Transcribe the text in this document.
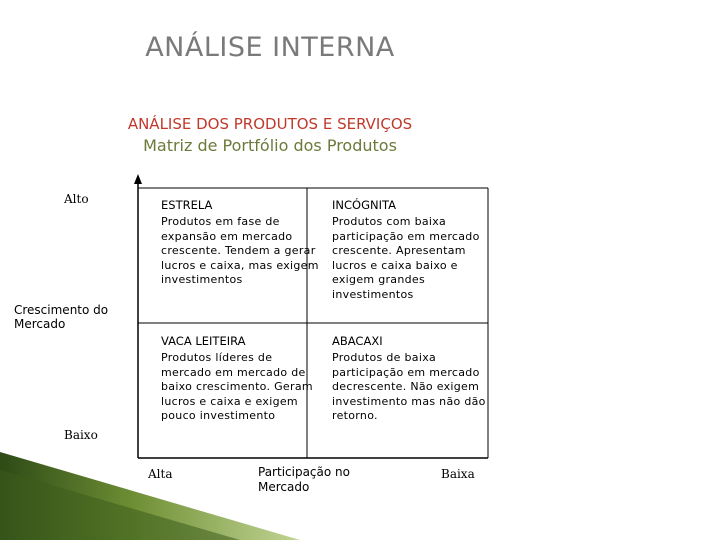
ANÁLISE INTERNA
ANÁLISE DOS PRODUTOS E SERVIÇOS
Matriz de Portfólio dos Produtos
Alto
Crescimento do Mercado
Baixo
Alta	Participação no Mercado
Baixa
ESTRELA
Produtos em fase de expansão em mercado crescente. Tendem a gerar lucros e caixa, mas exigem investimentos
INCÓGNITA
Produtos com baixa participação em mercado crescente. Apresentam lucros e caixa baixo e exigem grandes investimentos
VACA LEITEIRA
Produtos líderes de mercado em mercado de baixo crescimento. Geram lucros e caixa e exigem pouco investimento
ABACAXI
Produtos de baixa participação em mercado decrescente. Não exigem investimento mas não dão retorno.
